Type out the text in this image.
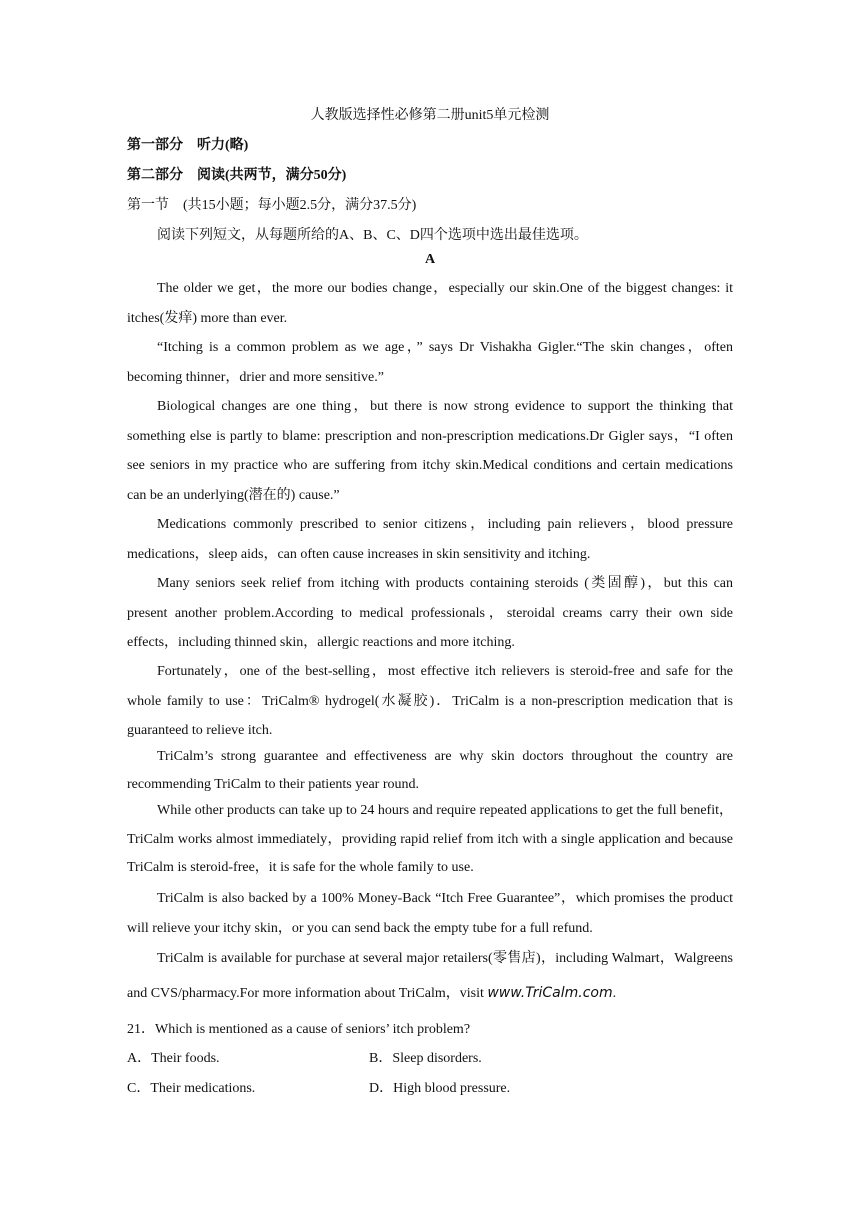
人教版选择性必修第二册unit5单元检测
第一部分　听力(略)
第二部分　阅读(共两节，满分50分)
第一节　(共15小题；每小题2.5分，满分37.5分)
阅读下列短文，从每题所给的A、B、C、D四个选项中选出最佳选项。
A

The older we get，the more our bodies change，especially our skin.One of the biggest changes: it itches(发痒) more than ever.

“Itching is a common problem as we age，” says Dr Vishakha Gigler.“The skin changes，often becoming thinner，drier and more sensitive.”

Biological changes are one thing，but there is now strong evidence to support the thinking that something else is partly to blame: prescription and non-prescription medications.Dr Gigler says，“I often see seniors in my practice who are suffering from itchy skin.Medical conditions and certain medications can be an underlying(潜在的) cause.”

Medications commonly prescribed to senior citizens，including pain relievers，blood pressure medications，sleep aids，can often cause increases in skin sensitivity and itching.

Many seniors seek relief from itching with products containing steroids (类固醇)，but this can present another problem.According to medical professionals，steroidal creams carry their own side effects，including thinned skin，allergic reactions and more itching.

Fortunately，one of the best-selling，most effective itch relievers is steroid-free and safe for the whole family to use：TriCalm® hydrogel(水凝胶)．TriCalm is a non-prescription medication that is guaranteed to relieve itch.

TriCalm’s strong guarantee and effectiveness are why skin doctors throughout the country are recommending TriCalm to their patients year round.

While other products can take up to 24 hours and require repeated applications to get the full benefit，TriCalm works almost immediately，providing rapid relief from itch with a single application and because TriCalm is steroid-free，it is safe for the whole family to use.

TriCalm is also backed by a 100% Money-Back “Itch Free Guarantee”，which promises the product will relieve your itchy skin，or you can send back the empty tube for a full refund.

TriCalm is available for purchase at several major retailers(零售店)，including Walmart，Walgreens and CVS/pharmacy.For more information about TriCalm，visit www.TriCalm.com.

21．Which is mentioned as a cause of seniors’ itch problem?
A．Their foods.	B．Sleep disorders.
C．Their medications.	D．High blood pressure.
